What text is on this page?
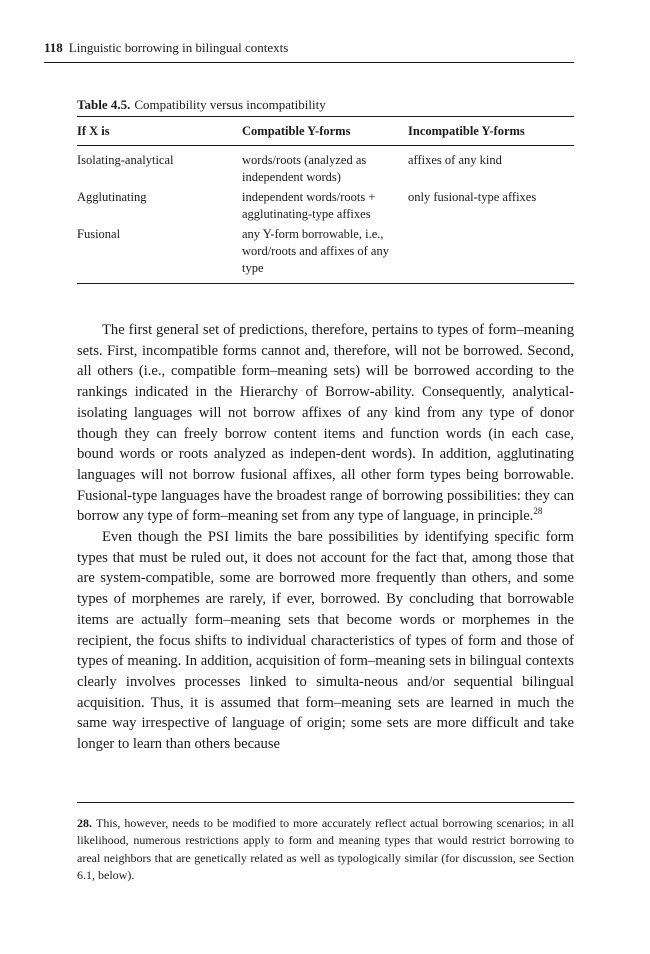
118 Linguistic borrowing in bilingual contexts
Table 4.5. Compatibility versus incompatibility
If X is	Compatible Y-forms	Incompatible Y-forms
Isolating-analytical	words/roots (analyzed as independent words)	affixes of any kind
Agglutinating	independent words/roots + agglutinating-type affixes	only fusional-type affixes
Fusional	any Y-form borrowable, i.e., word/roots and affixes of any type	

The first general set of predictions, therefore, pertains to types of form–meaning sets. First, incompatible forms cannot and, therefore, will not be borrowed. Second, all others (i.e., compatible form–meaning sets) will be borrowed according to the rankings indicated in the Hierarchy of Borrow-ability. Consequently, analytical-isolating languages will not borrow affixes of any kind from any type of donor though they can freely borrow content items and function words (in each case, bound words or roots analyzed as indepen-dent words). In addition, agglutinating languages will not borrow fusional affixes, all other form types being borrowable. Fusional-type languages have the broadest range of borrowing possibilities: they can borrow any type of form–meaning set from any type of language, in principle.$^{28}$

Even though the PSI limits the bare possibilities by identifying specific form types that must be ruled out, it does not account for the fact that, among those that are system-compatible, some are borrowed more frequently than others, and some types of morphemes are rarely, if ever, borrowed. By concluding that borrowable items are actually form–meaning sets that become words or morphemes in the recipient, the focus shifts to individual characteristics of types of form and those of types of meaning. In addition, acquisition of form–meaning sets in bilingual contexts clearly involves processes linked to simulta-neous and/or sequential bilingual acquisition. Thus, it is assumed that form–meaning sets are learned in much the same way irrespective of language of origin; some sets are more difficult and take longer to learn than others because

28. This, however, needs to be modified to more accurately reflect actual borrowing scenarios; in all likelihood, numerous restrictions apply to form and meaning types that would restrict borrowing to areal neighbors that are genetically related as well as typologically similar (for discussion, see Section 6.1, below).
